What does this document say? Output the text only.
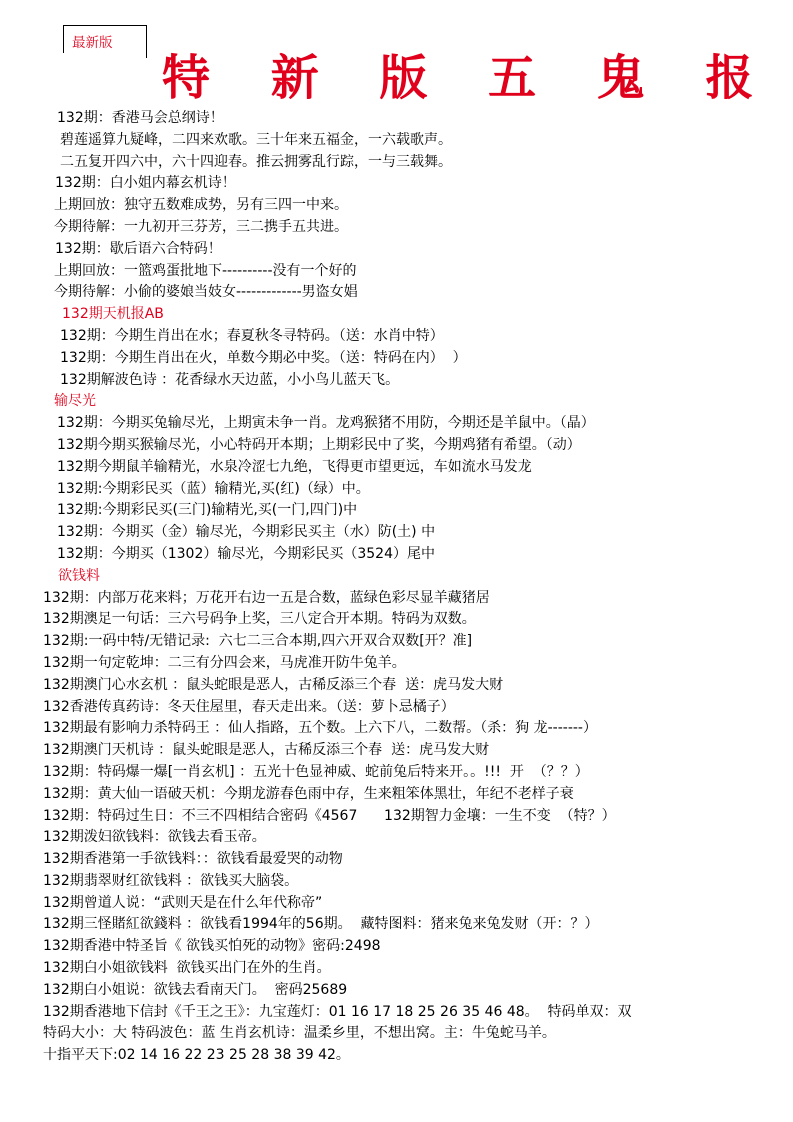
最新版
特 新 版 五 鬼 报
132期：香港马会总纲诗！
碧莲遥算九疑峰，二四来欢歌。三十年来五福金，一六载歌声。
二五复开四六中，六十四迎春。推云拥雾乱行踪，一与三载舞。
132期：白小姐内幕玄机诗！
上期回放：独守五数难成势，另有三四一中来。
今期待解：一九初开三芬芳，三二携手五共进。
132期：歇后语六合特码！
上期回放：一篮鸡蛋批地下----------没有一个好的
今期待解：小偷的婆娘当妓女-------------男盗女娼
132期天机报AB
132期：今期生肖出在水；春夏秋冬寻特码。（送：水肖中特）
132期：今期生肖出在火，单数今期必中奖。（送：特码在内）  ）
132期解波色诗 ：花香绿水天边蓝，小小鸟儿蓝天飞。
输尽光
132期：今期买兔输尽光，上期寅未争一肖。龙鸡猴猪不用防，今期还是羊鼠中。（晶）
132期今期买猴输尽光，小心特码开本期；上期彩民中了奖，今期鸡猪有希望。（动）
132期今期鼠羊输精光，水泉冷涩七九绝，飞得更市望更远，车如流水马发龙
132期:今期彩民买（蓝）输精光,买(红)（绿）中。
132期:今期彩民买(三门)输精光,买(一门,四门)中
132期：今期买（金）输尽光，今期彩民买主（水）防(土) 中
132期：今期买（1302）输尽光，今期彩民买（3524）尾中
欲钱料
132期：内部万花来料；万花开右边一五是合数，蓝绿色彩尽显羊藏猪居
132期澳足一句话：三六号码争上奖，三八定合开本期。特码为双数。
132期:一码中特/无错记录:  六七二三合本期,四六开双合双数[开？准]
132期一句定乾坤：二三有分四会来，马虎准开防牛兔羊。
132期澳门心水玄机 ：鼠头蛇眼是恶人，古稀反添三个春  送：虎马发大财
132香港传真药诗：冬天住屋里，春天走出来。（送：萝卜忌橘子）
132期最有影响力杀特码王 ：仙人指路，五个数。上六下八，二数帮。（杀：狗 龙-------）
132期澳门天机诗 ：鼠头蛇眼是恶人，古稀反添三个春  送：虎马发大财
132期：特码爆一爆[一肖玄机] ：五光十色显神威、蛇前兔后特来开。。!!!  开  （？？）
132期：黄大仙一语破天机：今期龙游春色雨中存，生来粗笨体黑壮，年纪不老样子衰
132期：特码过生日：不三不四相结合密码《4567      132期智力金壤：一生不变  （特？）
132期泼妇欲钱料：欲钱去看玉帝。
132期香港第一手欲钱料：：欲钱看最爱哭的动物
132期翡翠财红欲钱料 ：欲钱买大脑袋。
132期曾道人说：“武则天是在什么年代称帝”
132期三怪賭紅欲錢料 ：欲钱看1994年的56期。  藏特图料：猪来兔来兔发财（开：？）
132期香港中特圣旨《 欲钱买怕死的动物》密码:2498
132期白小姐欲钱料  欲钱买出门在外的生肖。
132期白小姐说：欲钱去看南天门。  密码25689
132期香港地下信封《千王之王》：九宝莲灯：01 16 17 18 25 26 35 46 48。  特码单双：双
特码大小：大 特码波色：蓝 生肖玄机诗：温柔乡里，不想出窝。主：牛兔蛇马羊。
十指平天下:02 14 16 22 23 25 28 38 39 42。
